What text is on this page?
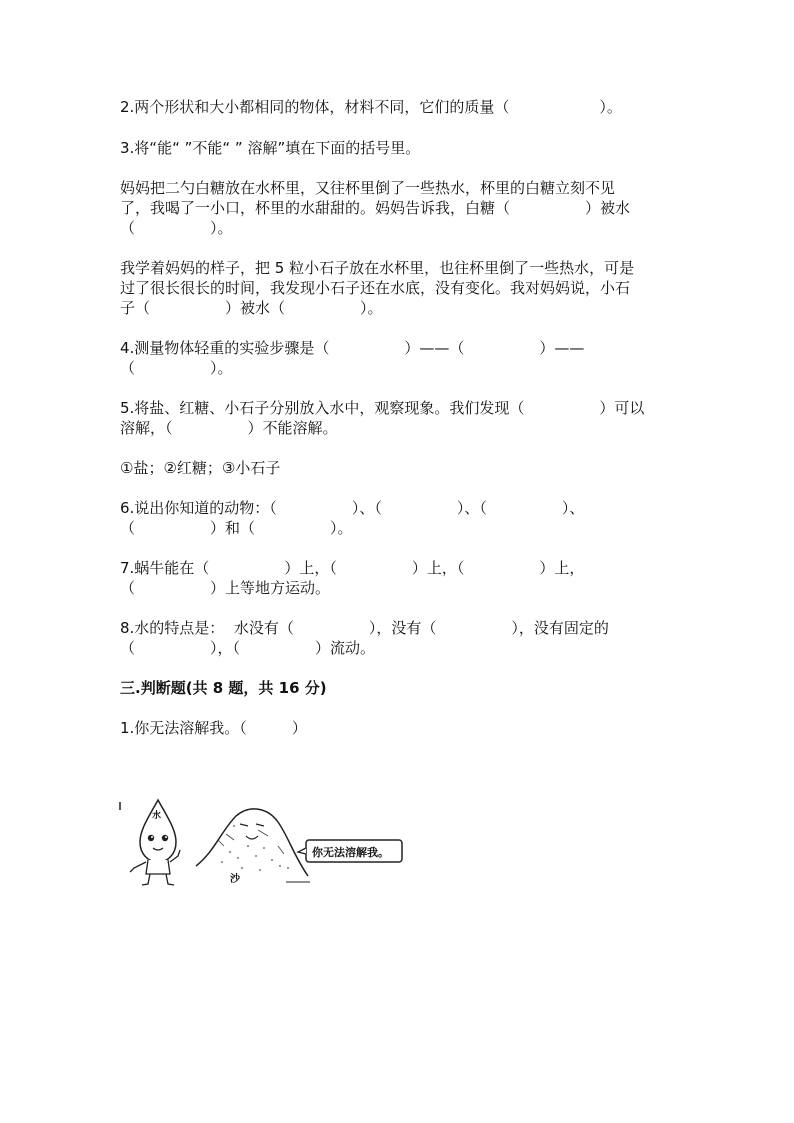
2.两个形状和大小都相同的物体，材料不同，它们的质量（　　　　　　）。
3.将“能“ ”不能“ ” 溶解”填在下面的括号里。
妈妈把二勺白糖放在水杯里，又往杯里倒了一些热水，杯里的白糖立刻不见
了，我喝了一小口，杯里的水甜甜的。妈妈告诉我，白糖（　　　　　）被水
（　　　　　）。
我学着妈妈的样子，把 5 粒小石子放在水杯里，也往杯里倒了一些热水，可是
过了很长很长的时间，我发现小石子还在水底，没有变化。我对妈妈说，小石
子（　　　　　）被水（　　　　　）。
4.测量物体轻重的实验步骤是（　　　　　）——（　　　　　）——
（　　　　　）。
5.将盐、红糖、小石子分别放入水中，观察现象。我们发现（　　　　　）可以
溶解，（　　　　　）不能溶解。
①盐；②红糖；③小石子
6.说出你知道的动物：（　　　　　）、（　　　　　）、（　　　　　）、
（　　　　　）和（　　　　　）。
7.蜗牛能在（　　　　　）上，（　　　　　）上，（　　　　　）上，
（　　　　　）上等地方运动。
8.水的特点是：  水没有（　　　　　），没有（　　　　　），没有固定的
（　　　　　），（　　　　　）流动。
三.判断题(共 8 题，共 16 分)
1.你无法溶解我。（　　　）
水
沙
你无法溶解我。
